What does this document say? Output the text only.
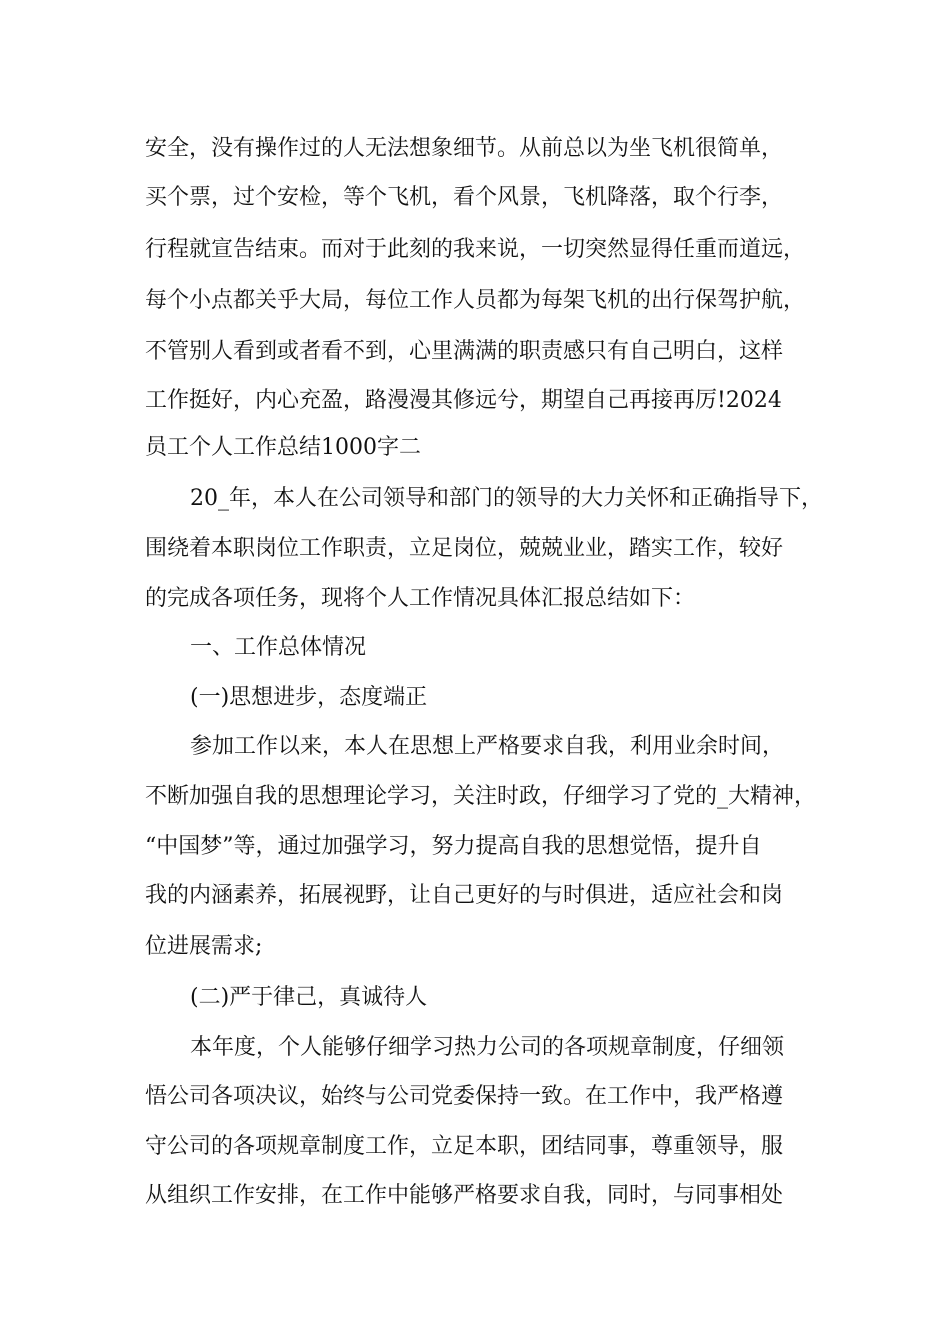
安全，没有操作过的人无法想象细节。从前总以为坐飞机很简单，
买个票，过个安检，等个飞机，看个风景，飞机降落，取个行李，
行程就宣告结束。而对于此刻的我来说，一切突然显得任重而道远，
每个小点都关乎大局，每位工作人员都为每架飞机的出行保驾护航，
不管别人看到或者看不到，心里满满的职责感只有自己明白，这样
工作挺好，内心充盈，路漫漫其修远兮，期望自己再接再厉!2024
员工个人工作总结1000字二
20_年，本人在公司领导和部门的领导的大力关怀和正确指导下，
围绕着本职岗位工作职责，立足岗位，兢兢业业，踏实工作，较好
的完成各项任务，现将个人工作情况具体汇报总结如下：
一、工作总体情况
(一)思想进步，态度端正
参加工作以来，本人在思想上严格要求自我，利用业余时间，
不断加强自我的思想理论学习，关注时政，仔细学习了党的_大精神，
“中国梦”等，通过加强学习，努力提高自我的思想觉悟，提升自
我的内涵素养，拓展视野，让自己更好的与时俱进，适应社会和岗
位进展需求;
(二)严于律己，真诚待人
本年度，个人能够仔细学习热力公司的各项规章制度，仔细领
悟公司各项决议，始终与公司党委保持一致。在工作中，我严格遵
守公司的各项规章制度工作，立足本职，团结同事，尊重领导，服
从组织工作安排，在工作中能够严格要求自我，同时，与同事相处
